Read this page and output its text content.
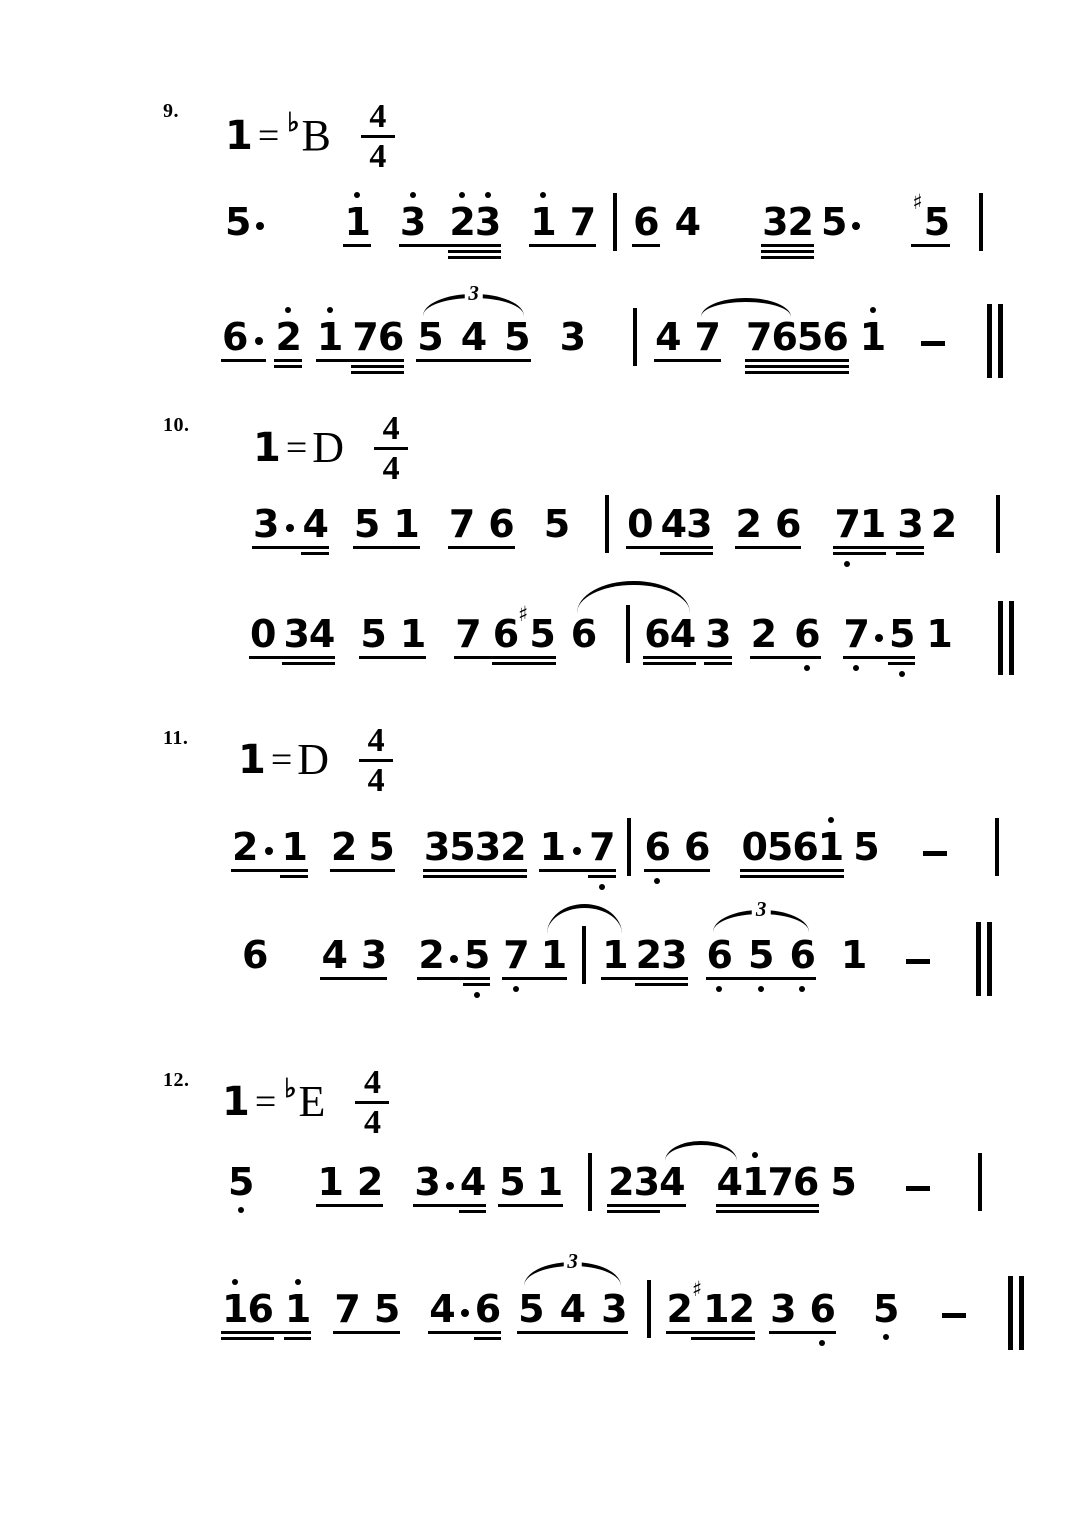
9.
1 = ♭ B $\frac{4}{4}$
5 1 3 2 3 1 7 6 4 3 2 5	♯5
6 2 1 7 6 5 4 5 3 4 7 7 6 5 6 1
3
10. 1 = D $\frac{4}{4}$
3 4 5 1 7 6 5 0 4 3 2 6 7 1 3 2
0 3 4 5 1 7 6 ♯5 6 6 4 3 2 6 7 5 1
11. 1 = D $\frac{4}{4}$
2 1 2 5 3 5 3 2 1 7 6 6 0 5 6 1 5
6 4 3 2 5 7 1 1 2 3 6 5 6 1
3
12. 1 = ♭ E $\frac{4}{4}$
5 1 2 3 4 5 1 2 3 4 4 1 7 6 5
1 6 1 7 5 4 6 5 4 3 2 ♯1 2 3 6 5
3
